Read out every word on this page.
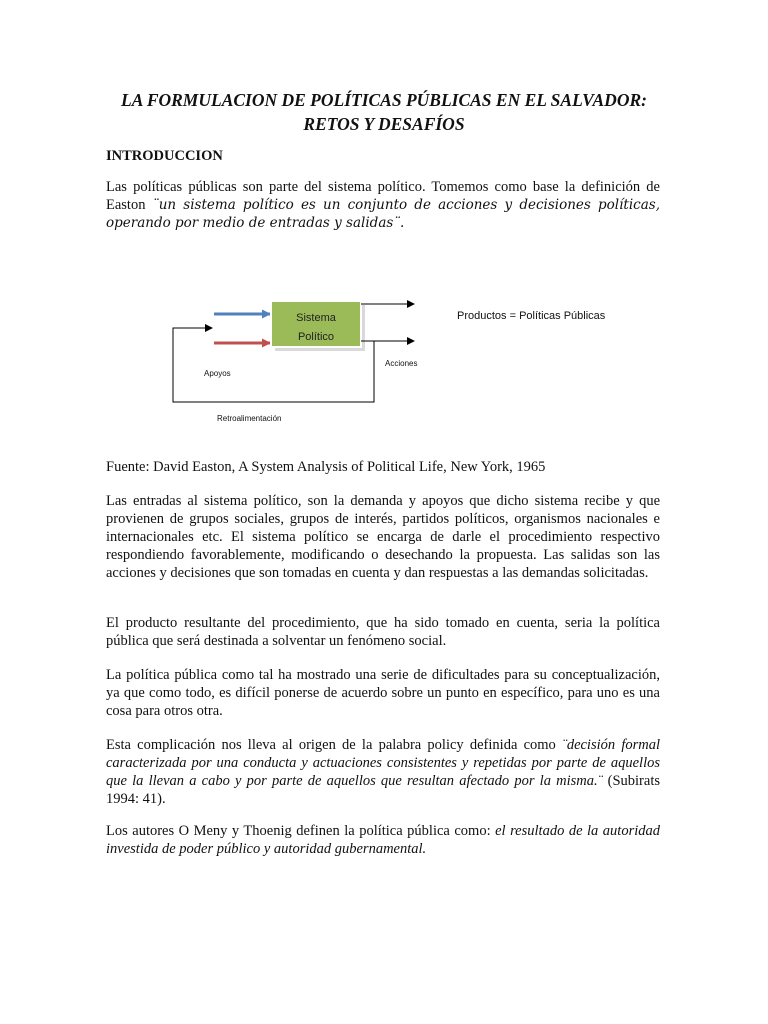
LA FORMULACION DE POLÍTICAS PÚBLICAS EN EL SALVADOR:
RETOS Y DESAFÍOS
INTRODUCCION

Las políticas públicas son parte del sistema político. Tomemos como base la definición de Easton ¨un sistema político es un conjunto de acciones y decisiones políticas, operando por medio de entradas y salidas¨.

Sistema
Político
Productos = Políticas Públicas
Apoyos
Acciones
Retroalimentación

Fuente: David Easton, A System Analysis of Political Life, New York, 1965

Las entradas al sistema político, son la demanda y apoyos que dicho sistema recibe y que provienen de grupos sociales, grupos de interés, partidos políticos, organismos nacionales e internacionales etc. El sistema político se encarga de darle el procedimiento respectivo respondiendo favorablemente, modificando o desechando la propuesta. Las salidas son las acciones y decisiones que son tomadas en cuenta y dan respuestas a las demandas solicitadas.

El producto resultante del procedimiento, que ha sido tomado en cuenta, seria la política pública que será destinada a solventar un fenómeno social.

La política pública como tal ha mostrado una serie de dificultades para su conceptualización, ya que como todo, es difícil ponerse de acuerdo sobre un punto en específico, para uno es una cosa para otros otra.

Esta complicación nos lleva al origen de la palabra policy definida como ¨decisión formal caracterizada por una conducta y actuaciones consistentes y repetidas por parte de aquellos que la llevan a cabo y por parte de aquellos que resultan afectado por la misma.¨ (Subirats 1994: 41).

Los autores O Meny y Thoenig definen la política pública como: el resultado de la autoridad investida de poder público y autoridad gubernamental.
